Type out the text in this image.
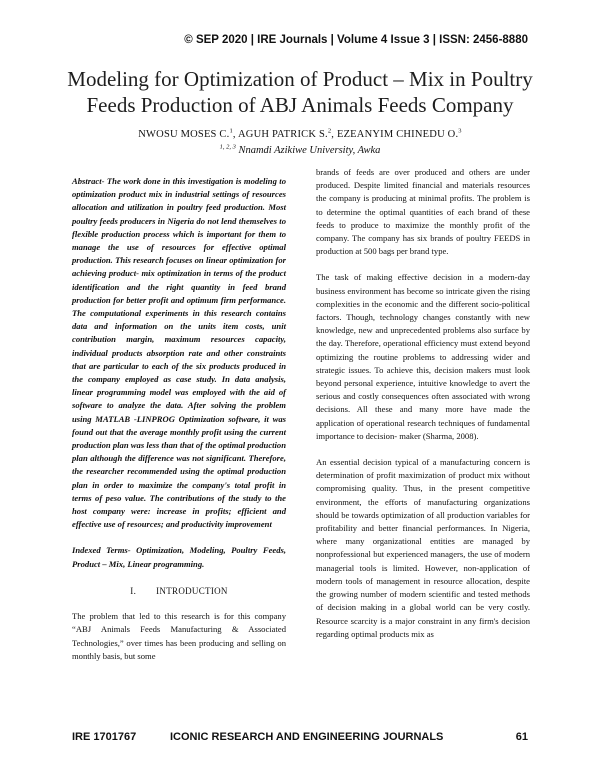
© SEP 2020 | IRE Journals | Volume 4 Issue 3 | ISSN: 2456-8880
Modeling for Optimization of Product – Mix in Poultry
Feeds Production of ABJ Animals Feeds Company
NWOSU MOSES C.$^1$, AGUH PATRICK S.$^2$, EZEANYIM CHINEDU O.$^3$
$^{1, 2, 3}$ Nnamdi Azikiwe University, Awka

Abstract- The work done in this investigation is modeling to optimization product mix in industrial settings of resources allocation and utilization in poultry feed production. Most poultry feeds producers in Nigeria do not lend themselves to flexible production process which is important for them to manage the use of resources for effective optimal production. This research focuses on linear optimization for achieving product- mix optimization in terms of the product identification and the right quantity in feed brand production for better profit and optimum firm performance. The computational experiments in this research contains data and information on the units item costs, unit contribution margin, maximum resources capacity, individual products absorption rate and other constraints that are particular to each of the six products produced in the company employed as case study. In data analysis, linear programming model was employed with the aid of software to analyze the data. After solving the problem using MATLAB -LINPROG Optimization software, it was found out that the average monthly profit using the current production plan was less than that of the optimal production plan although the difference was not significant. Therefore, the researcher recommended using the optimal production plan in order to maximize the company's total profit in terms of peso value. The contributions of the study to the host company were: increase in profits; efficient and effective use of resources; and productivity improvement

Indexed Terms- Optimization, Modeling, Poultry Feeds, Product – Mix, Linear programming.

I. INTRODUCTION

The problem that led to this research is for this company “ABJ Animals Feeds Manufacturing & Associated Technologies,” over times has been producing and selling on monthly basis, but some

brands of feeds are over produced and others are under produced. Despite limited financial and materials resources the company is producing at minimal profits. The problem is to determine the optimal quantities of each brand of these feeds to produce to maximize the monthly profit of the company. The company has six brands of poultry FEEDS in production at 500 bags per brand type.

The task of making effective decision in a modern-day business environment has become so intricate given the rising complexities in the economic and the different socio-political factors. Though, technology changes constantly with new knowledge, new and unprecedented problems also surface by the day. Therefore, operational efficiency must extend beyond optimizing the routine problems to addressing wider and strategic issues. To achieve this, decision makers must look beyond personal experience, intuitive knowledge to avert the serious and costly consequences often associated with wrong decisions. All these and many more have made the application of operational research techniques of fundamental importance to decision- maker (Sharma, 2008).

An essential decision typical of a manufacturing concern is determination of profit maximization of product mix without compromising quality. Thus, in the present competitive environment, the efforts of manufacturing organizations should be towards optimization of all production variables for profitability and better financial performances. In Nigeria, where many organizational entities are managed by nonprofessional but experienced managers, the use of modern managerial tools is limited. However, non-application of modern tools of management in resource allocation, despite the growing number of modern scientific and tested methods of decision making in a global world can be very costly. Resource scarcity is a major constraint in any firm's decision regarding optimal products mix as

IRE 1701767	ICONIC RESEARCH AND ENGINEERING JOURNALS	61
